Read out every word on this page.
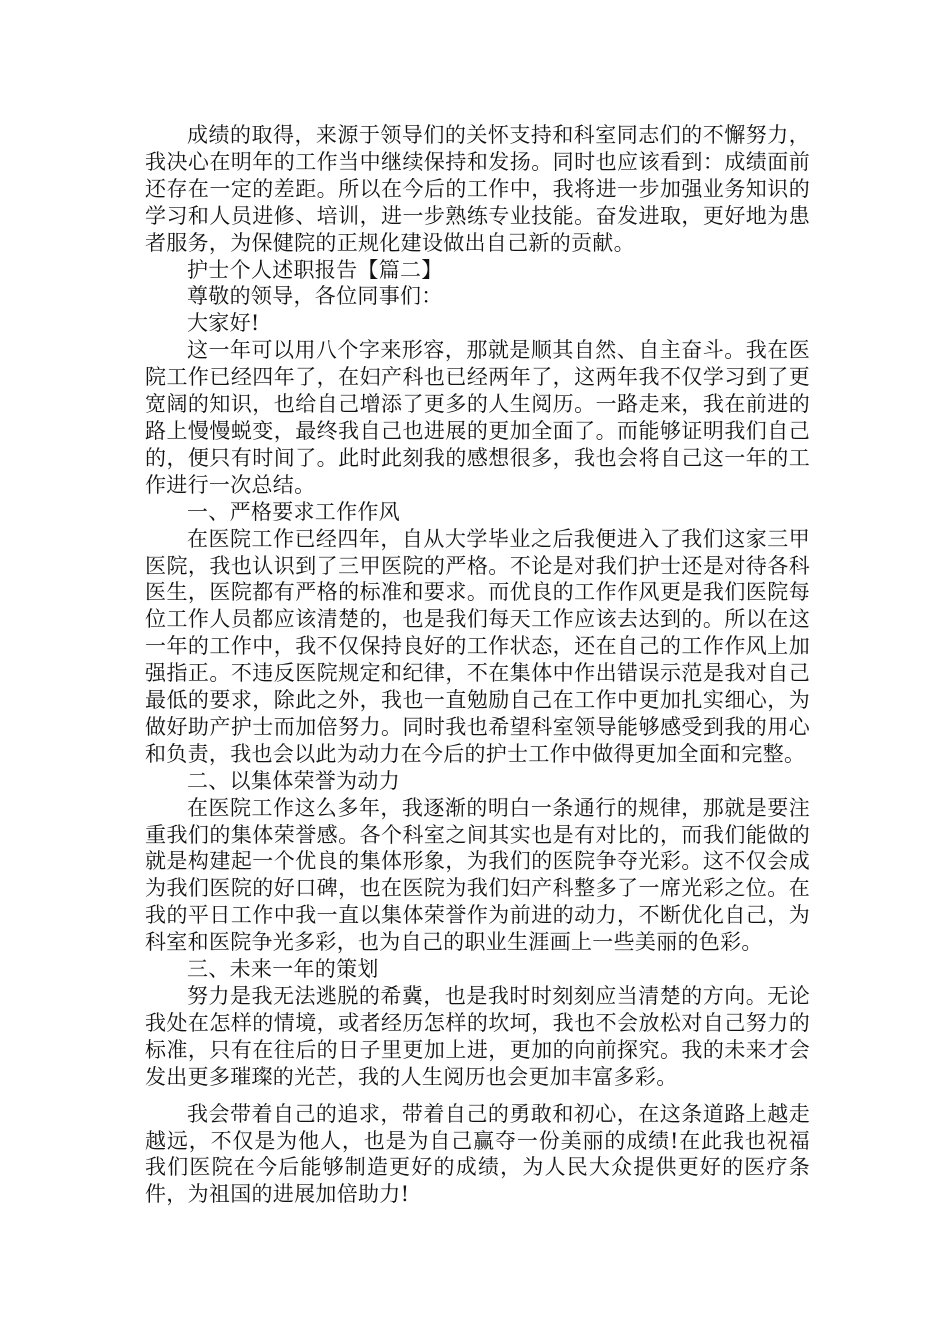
成绩的取得，来源于领导们的关怀支持和科室同志们的不懈努力，我决心在明年的工作当中继续保持和发扬。同时也应该看到：成绩面前还存在一定的差距。所以在今后的工作中，我将进一步加强业务知识的学习和人员进修、培训，进一步熟练专业技能。奋发进取，更好地为患者服务，为保健院的正规化建设做出自己新的贡献。

护士个人述职报告【篇二】

尊敬的领导，各位同事们：

大家好!

这一年可以用八个字来形容，那就是顺其自然、自主奋斗。我在医院工作已经四年了，在妇产科也已经两年了，这两年我不仅学习到了更宽阔的知识，也给自己增添了更多的人生阅历。一路走来，我在前进的路上慢慢蜕变，最终我自己也进展的更加全面了。而能够证明我们自己的，便只有时间了。此时此刻我的感想很多，我也会将自己这一年的工作进行一次总结。

一、严格要求工作作风

在医院工作已经四年，自从大学毕业之后我便进入了我们这家三甲医院，我也认识到了三甲医院的严格。不论是对我们护士还是对待各科医生，医院都有严格的标准和要求。而优良的工作作风更是我们医院每位工作人员都应该清楚的，也是我们每天工作应该去达到的。所以在这一年的工作中，我不仅保持良好的工作状态，还在自己的工作作风上加强指正。不违反医院规定和纪律，不在集体中作出错误示范是我对自己最低的要求，除此之外，我也一直勉励自己在工作中更加扎实细心，为做好助产护士而加倍努力。同时我也希望科室领导能够感受到我的用心和负责，我也会以此为动力在今后的护士工作中做得更加全面和完整。

二、以集体荣誉为动力

在医院工作这么多年，我逐渐的明白一条通行的规律，那就是要注重我们的集体荣誉感。各个科室之间其实也是有对比的，而我们能做的就是构建起一个优良的集体形象，为我们的医院争夺光彩。这不仅会成为我们医院的好口碑，也在医院为我们妇产科整多了一席光彩之位。在我的平日工作中我一直以集体荣誉作为前进的动力，不断优化自己，为科室和医院争光多彩，也为自己的职业生涯画上一些美丽的色彩。

三、未来一年的策划

努力是我无法逃脱的希冀，也是我时时刻刻应当清楚的方向。无论我处在怎样的情境，或者经历怎样的坎坷，我也不会放松对自己努力的标准，只有在往后的日子里更加上进，更加的向前探究。我的未来才会发出更多璀璨的光芒，我的人生阅历也会更加丰富多彩。

我会带着自己的追求，带着自己的勇敢和初心，在这条道路上越走越远，不仅是为他人，也是为自己赢夺一份美丽的成绩!在此我也祝福我们医院在今后能够制造更好的成绩，为人民大众提供更好的医疗条件，为祖国的进展加倍助力!
